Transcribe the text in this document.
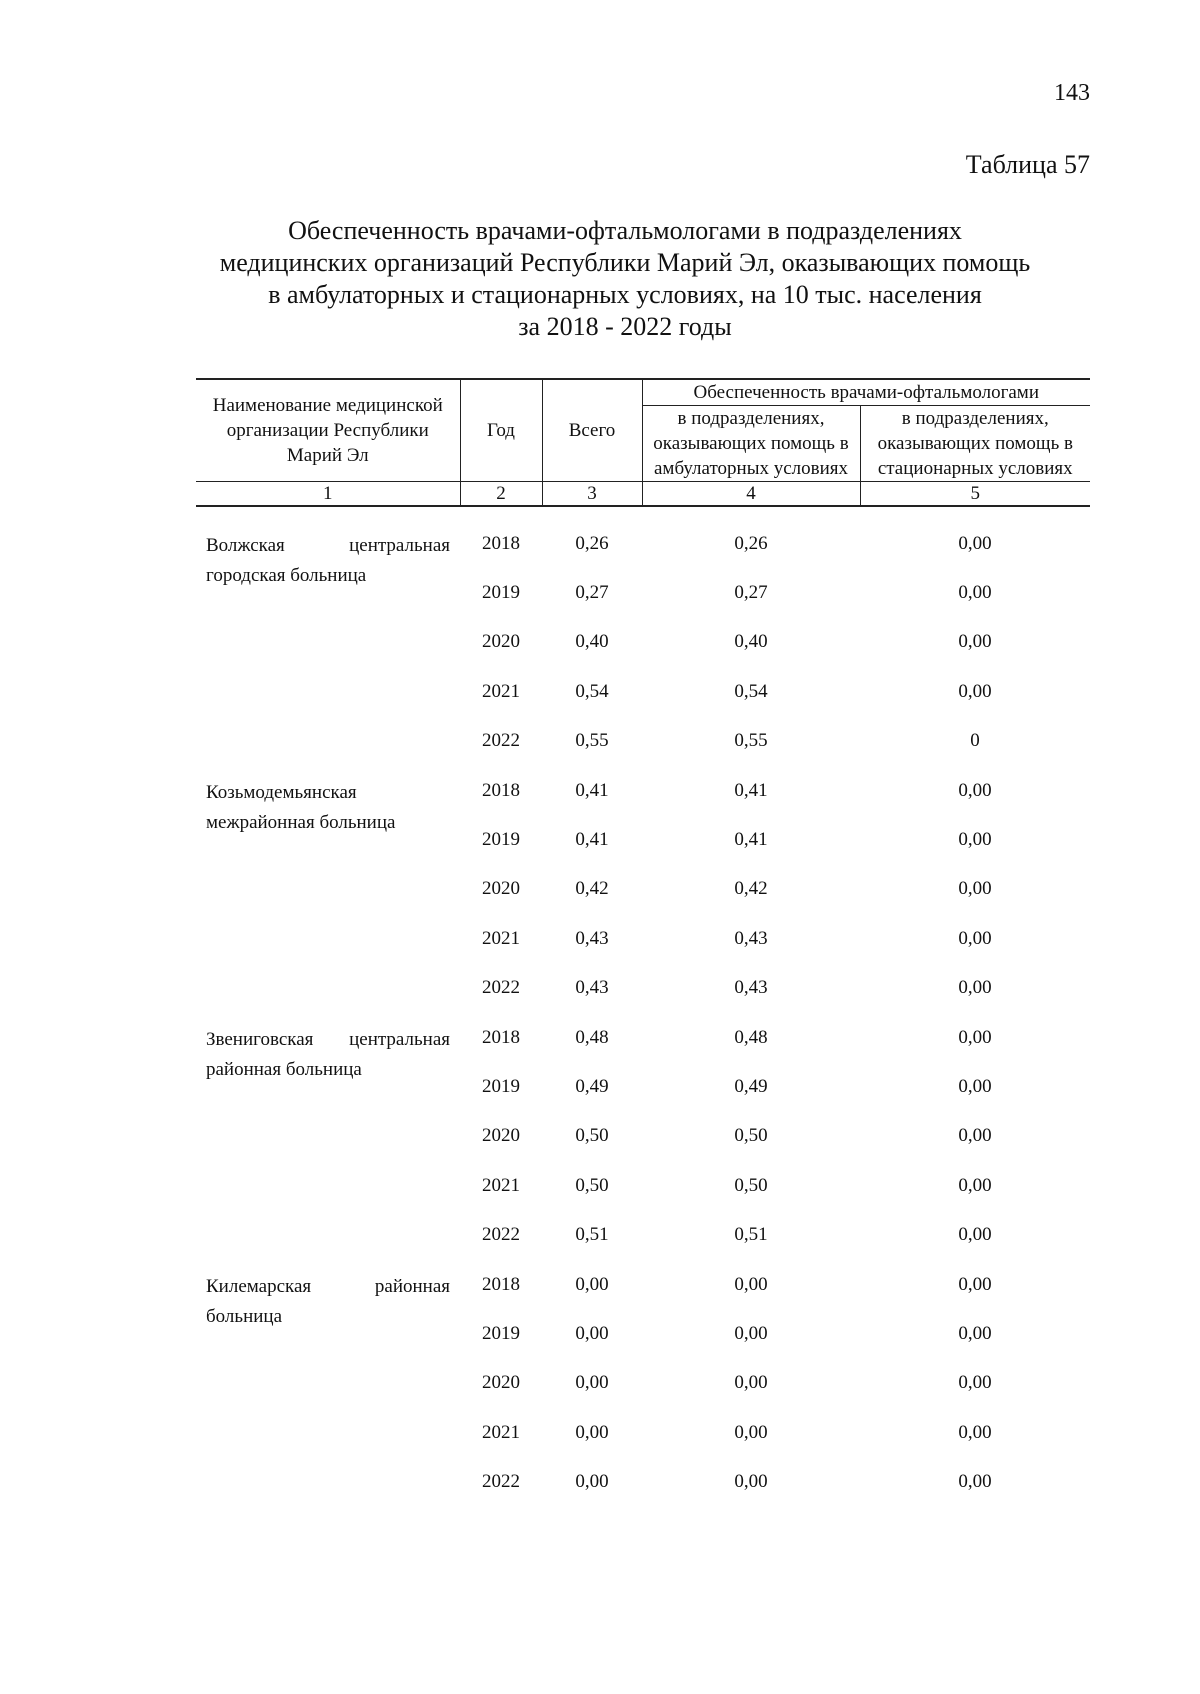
143
Таблица 57
Обеспеченность врачами-офтальмологами в подразделениях
медицинских организаций Республики Марий Эл, оказывающих помощь
в амбулаторных и стационарных условиях, на 10 тыс. населения
за 2018 - 2022 годы
Наименование медицинской организации Республики Марий Эл	Год	Всего	Обеспеченность врачами-офтальмологами	
			в подразделениях, оказывающих помощь в амбулаторных условиях	в подразделениях, оказывающих помощь в стационарных условиях
1	2	3	4	5

Волжская центральная городская больница	2018	0,26	0,26	0,00
	2019	0,27	0,27	0,00
	2020	0,40	0,40	0,00
	2021	0,54	0,54	0,00
	2022	0,55	0,55	0
Козьмодемьянская межрайонная больница	2018	0,41	0,41	0,00
	2019	0,41	0,41	0,00
	2020	0,42	0,42	0,00
	2021	0,43	0,43	0,00
	2022	0,43	0,43	0,00
Звениговская центральная районная больница	2018	0,48	0,48	0,00
	2019	0,49	0,49	0,00
	2020	0,50	0,50	0,00
	2021	0,50	0,50	0,00
	2022	0,51	0,51	0,00
Килемарская районная больница	2018	0,00	0,00	0,00
	2019	0,00	0,00	0,00
	2020	0,00	0,00	0,00
	2021	0,00	0,00	0,00
	2022	0,00	0,00	0,00
